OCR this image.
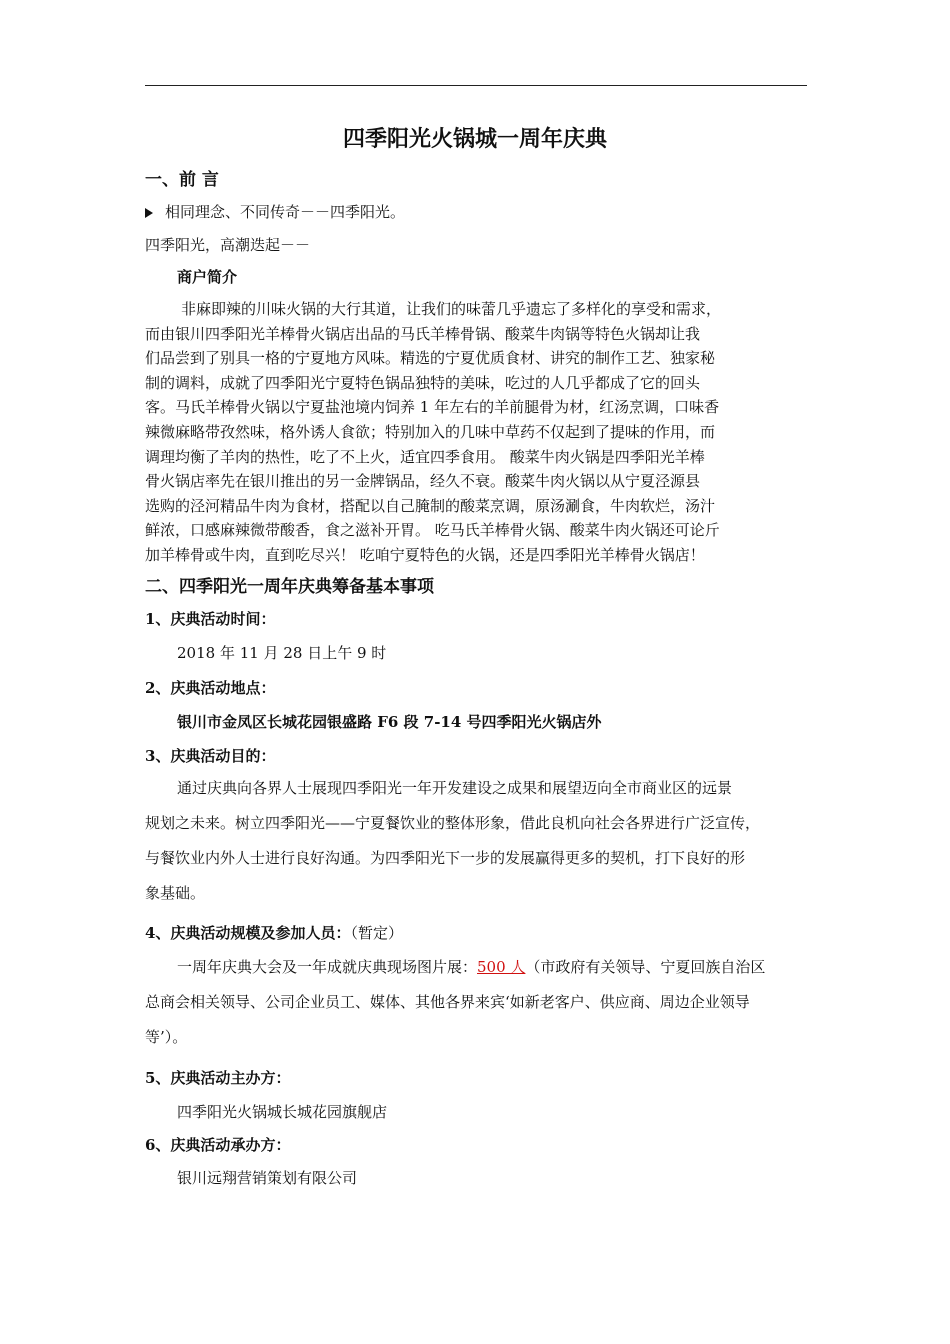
四季阳光火锅城一周年庆典
一、前 言
相同理念、不同传奇－－四季阳光。
四季阳光，高潮迭起－－
商户简介
非麻即辣的川味火锅的大行其道，让我们的味蕾几乎遗忘了多样化的享受和需求，
而由银川四季阳光羊棒骨火锅店出品的马氏羊棒骨锅、酸菜牛肉锅等特色火锅却让我
们品尝到了别具一格的宁夏地方风味。精选的宁夏优质食材、讲究的制作工艺、独家秘
制的调料，成就了四季阳光宁夏特色锅品独特的美味，吃过的人几乎都成了它的回头
客。马氏羊棒骨火锅以宁夏盐池境内饲养 1 年左右的羊前腿骨为材，红汤烹调，口味香
辣微麻略带孜然味，格外诱人食欲；特别加入的几味中草药不仅起到了提味的作用，而
调理均衡了羊肉的热性，吃了不上火，适宜四季食用。 酸菜牛肉火锅是四季阳光羊棒
骨火锅店率先在银川推出的另一金牌锅品，经久不衰。酸菜牛肉火锅以从宁夏泾源县
选购的泾河精品牛肉为食材，搭配以自己腌制的酸菜烹调，原汤涮食，牛肉软烂，汤汁
鲜浓，口感麻辣微带酸香，食之滋补开胃。 吃马氏羊棒骨火锅、酸菜牛肉火锅还可论斤
加羊棒骨或牛肉，直到吃尽兴！ 吃咱宁夏特色的火锅，还是四季阳光羊棒骨火锅店！
二、四季阳光一周年庆典筹备基本事项
1、庆典活动时间：
2018 年 11 月 28 日上午 9 时
2、庆典活动地点：
银川市金凤区长城花园银盛路 F6 段 7-14 号四季阳光火锅店外
3、庆典活动目的：
通过庆典向各界人士展现四季阳光一年开发建设之成果和展望迈向全市商业区的远景
规划之未来。树立四季阳光——宁夏餐饮业的整体形象，借此良机向社会各界进行广泛宣传，
与餐饮业内外人士进行良好沟通。为四季阳光下一步的发展赢得更多的契机，打下良好的形
象基础。
4、庆典活动规模及参加人员：（暂定）
一周年庆典大会及一年成就庆典现场图片展：500 人（市政府有关领导、宁夏回族自治区
总商会相关领导、公司企业员工、媒体、其他各界来宾‘如新老客户、供应商、周边企业领导
等’）。
5、庆典活动主办方：
四季阳光火锅城长城花园旗舰店
6、庆典活动承办方：
银川远翔营销策划有限公司
